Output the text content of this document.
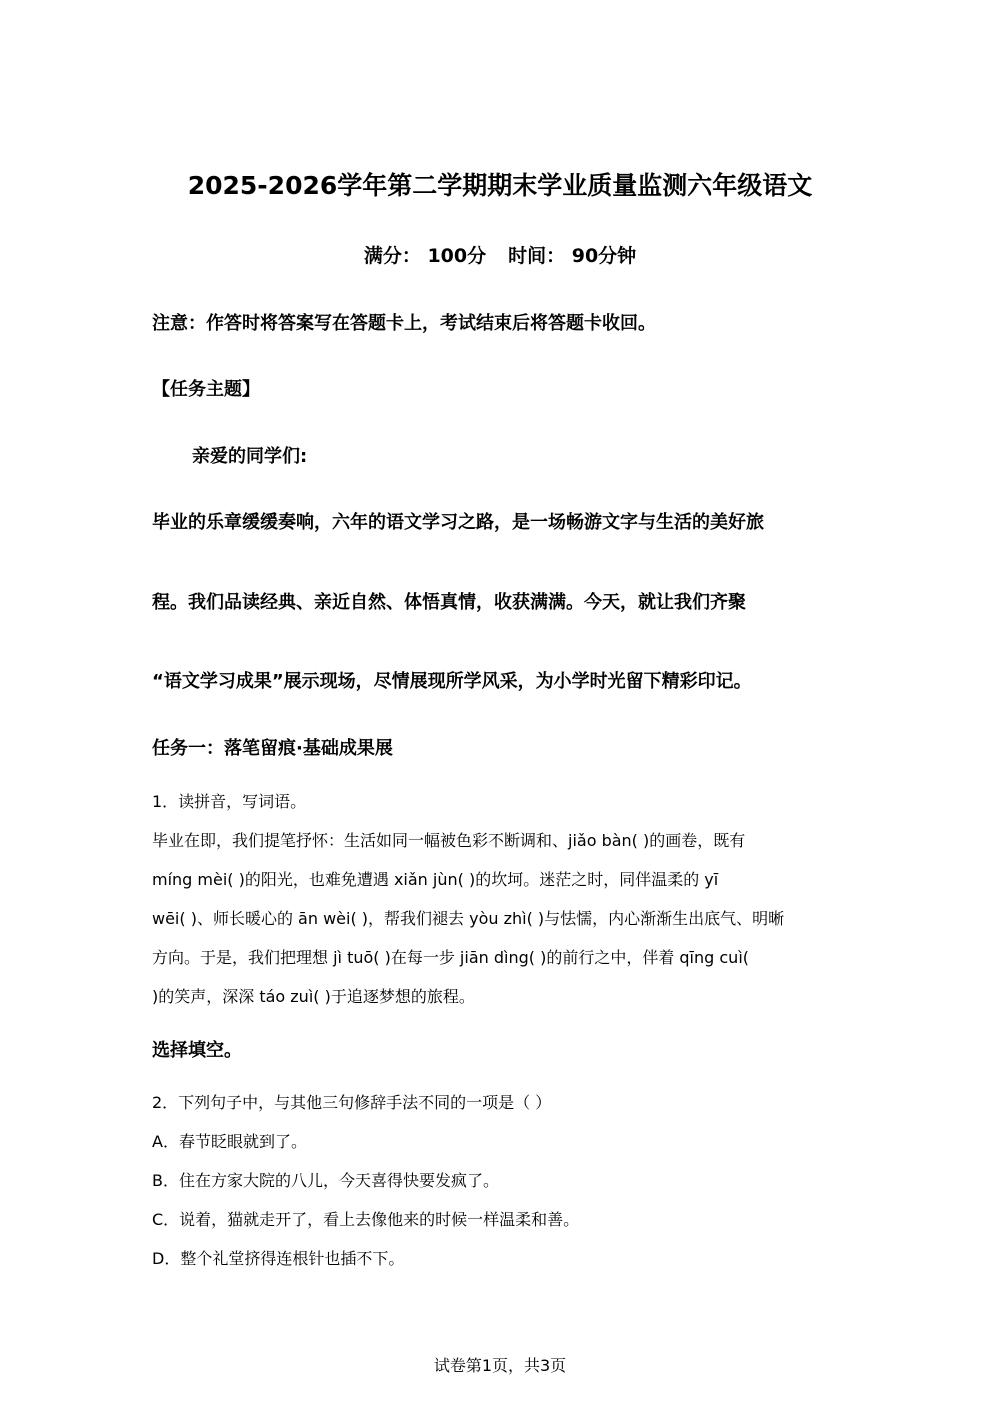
2025-2026学年第二学期期末学业质量监测六年级语文
满分： 100分 时间： 90分钟
注意：作答时将答案写在答题卡上，考试结束后将答题卡收回。
【任务主题】
亲爱的同学们:
毕业的乐章缓缓奏响，六年的语文学习之路，是一场畅游文字与生活的美好旅
程。我们品读经典、亲近自然、体悟真情，收获满满。今天，就让我们齐聚
“语文学习成果”展示现场，尽情展现所学风采，为小学时光留下精彩印记。
任务一：落笔留痕·基础成果展
1．读拼音，写词语。
毕业在即，我们提笔抒怀：生活如同一幅被色彩不断调和、jiǎo bàn( )的画卷，既有
míng mèi( )的阳光，也难免遭遇 xiǎn jùn( )的坎坷。迷茫之时，同伴温柔的 yī
wēi( )、师长暖心的 ān wèi( )，帮我们褪去 yòu zhì( )与怯懦，内心渐渐生出底气、明晰
方向。于是，我们把理想 jì tuō( )在每一步 jiān dìng( )的前行之中，伴着 qīng cuì(
)的笑声，深深 táo zuì( )于追逐梦想的旅程。
选择填空。
2．下列句子中，与其他三句修辞手法不同的一项是（ ）
A．春节眨眼就到了。
B．住在方家大院的八儿，今天喜得快要发疯了。
C．说着，猫就走开了，看上去像他来的时候一样温柔和善。
D．整个礼堂挤得连根针也插不下。
试卷第1页，共3页
